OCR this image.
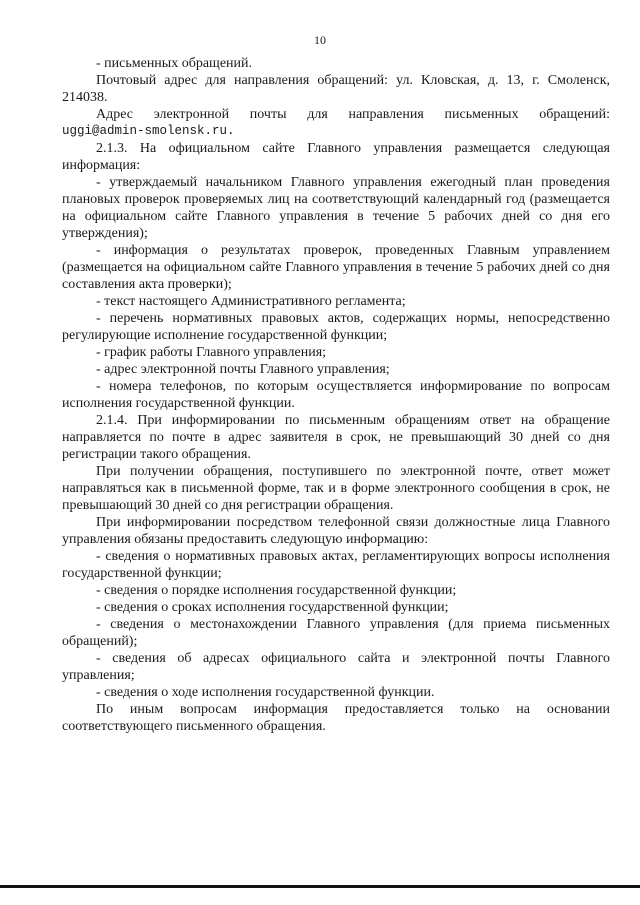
10

- письменных обращений.

Почтовый адрес для направления обращений: ул. Кловская, д. 13, г. Смоленск, 214038.

Адрес электронной почты для направления письменных обращений:

uggi@admin-smolensk.ru.

2.1.3. На официальном сайте Главного управления размещается следующая информация:

- утверждаемый начальником Главного управления ежегодный план проведения плановых проверок проверяемых лиц на соответствующий календарный год (размещается на официальном сайте Главного управления в течение 5 рабочих дней со дня его утверждения);

- информация о результатах проверок, проведенных Главным управлением (размещается на официальном сайте Главного управления в течение 5 рабочих дней со дня составления акта проверки);

- текст настоящего Административного регламента;

- перечень нормативных правовых актов, содержащих нормы, непосредственно регулирующие исполнение государственной функции;

- график работы Главного управления;

- адрес электронной почты Главного управления;

- номера телефонов, по которым осуществляется информирование по вопросам исполнения государственной функции.

2.1.4. При информировании по письменным обращениям ответ на обращение направляется по почте в адрес заявителя в срок, не превышающий 30 дней со дня регистрации такого обращения.

При получении обращения, поступившего по электронной почте, ответ может направляться как в письменной форме, так и в форме электронного сообщения в срок, не превышающий 30 дней со дня регистрации обращения.

При информировании посредством телефонной связи должностные лица Главного управления обязаны предоставить следующую информацию:

- сведения о нормативных правовых актах, регламентирующих вопросы исполнения государственной функции;

- сведения о порядке исполнения государственной функции;

- сведения о сроках исполнения государственной функции;

- сведения о местонахождении Главного управления (для приема письменных обращений);

- сведения об адресах официального сайта и электронной почты Главного управления;

- сведения о ходе исполнения государственной функции.

По иным вопросам информация предоставляется только на основании соответствующего письменного обращения.
